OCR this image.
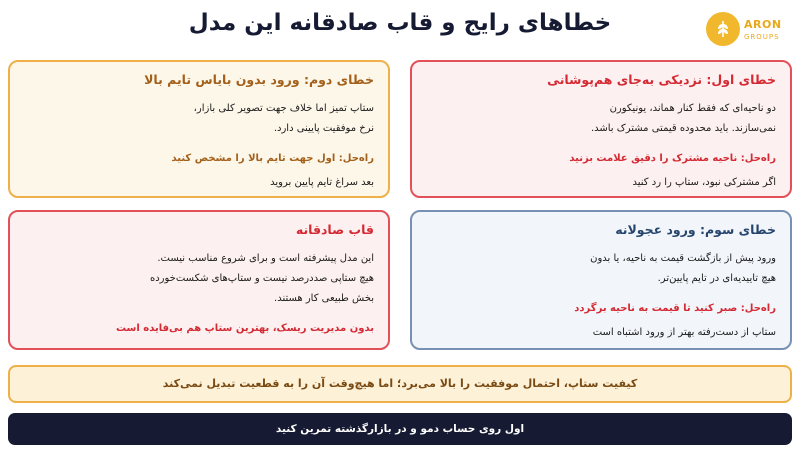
خطاهای رایج و قاب صادقانه این مدل	ARON
GROUPS
خطای اول: نزدیکی به‌جای هم‌پوشانی
دو ناحیه‌ای که فقط کنار هماند، یونیکورن
نمی‌سازند. باید محدوده قیمتی مشترک باشد.
راه‌حل: ناحیه مشترک را دقیق علامت بزنید
اگر مشترکی نبود، ستاپ را رد کنید
خطای دوم: ورود بدون بایاس تایم بالا
ستاپ تمیز اما خلاف جهت تصویر کلی بازار،
نرخ موفقیت پایینی دارد.
راه‌حل: اول جهت تایم بالا را مشخص کنید
بعد سراغ تایم پایین بروید
خطای سوم: ورود عجولانه
ورود پیش از بازگشت قیمت به ناحیه، یا بدون
هیچ تاییدیه‌ای در تایم پایین‌تر.
راه‌حل: صبر کنید تا قیمت به ناحیه برگردد
ستاپ از دست‌رفته بهتر از ورود اشتباه است
قاب صادقانه
این مدل پیشرفته است و برای شروع مناسب نیست.
هیچ ستاپی صددرصد نیست و ستاپ‌های شکست‌خورده
بخش طبیعی کار هستند.
بدون مدیریت ریسک، بهترین ستاپ هم بی‌فایده است
کیفیت ستاپ، احتمال موفقیت را بالا می‌برد؛ اما هیچ‌وقت آن را به قطعیت تبدیل نمی‌کند
اول روی حساب دمو و در بازارگذشته تمرین کنید
